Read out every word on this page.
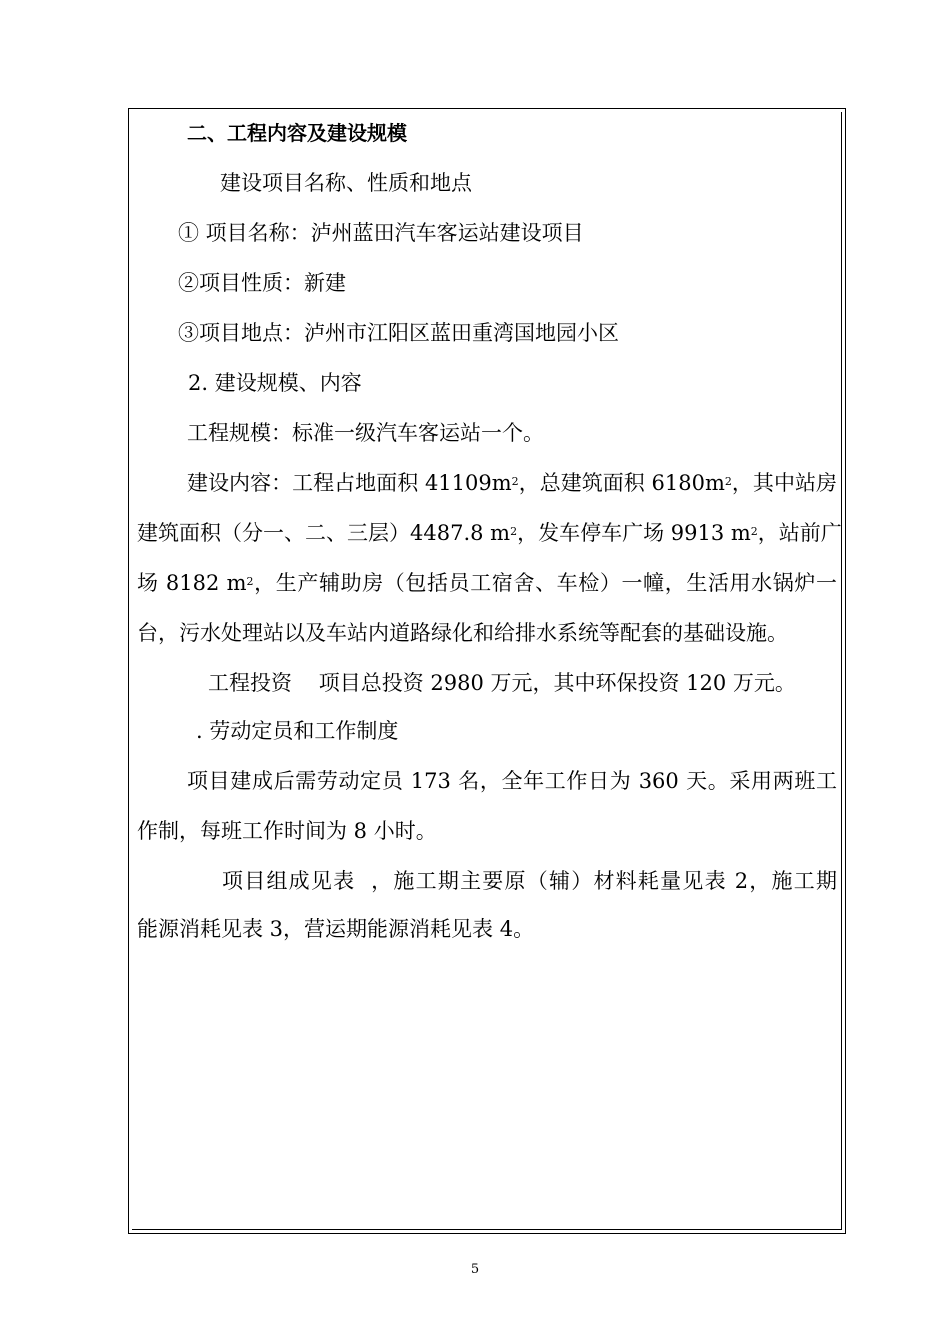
二、工程内容及建设规模
建设项目名称、性质和地点
① 项目名称：泸州蓝田汽车客运站建设项目
②项目性质：新建
③项目地点：泸州市江阳区蓝田重湾国地园小区
2. 建设规模、内容
工程规模：标准一级汽车客运站一个。
建设内容：工程占地面积 $41109m^2$，总建筑面积 $6180m^2$，其中站房
建筑面积（分一、二、三层）4487.8 $m^2$，发车停车广场 9913 $m^2$，站前广
场 8182 $m^2$，生产辅助房（包括员工宿舍、车检）一幢，生活用水锅炉一
台，污水处理站以及车站内道路绿化和给排水系统等配套的基础设施。
工程投资    项目总投资 2980 万元，其中环保投资 120 万元。
. 劳动定员和工作制度
项目建成后需劳动定员 173 名，全年工作日为 360 天。采用两班工
作制，每班工作时间为 8 小时。
项目组成见表  ，施工期主要原（辅）材料耗量见表 2，施工期
能源消耗见表 3，营运期能源消耗见表 4。
5
